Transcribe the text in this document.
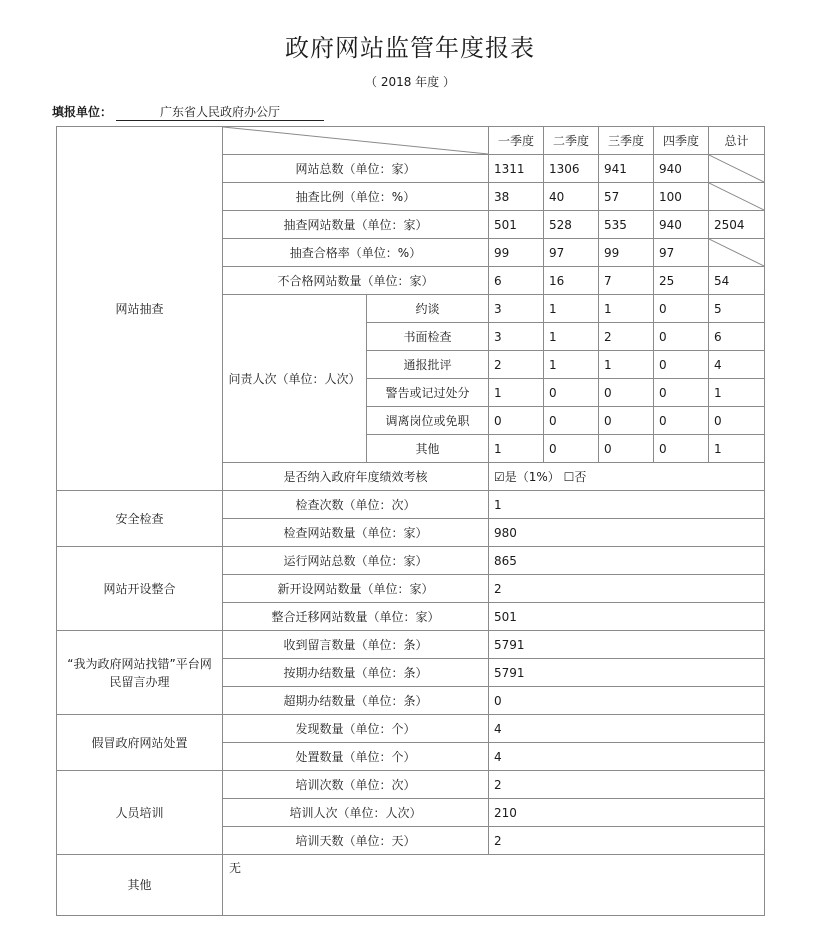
政府网站监管年度报表
（ 2018 年度 ）
填报单位：	广东省人民政府办公厅
网站抽查			一季度	二季度	三季度	四季度	总计
	网站总数（单位：家）		1311	1306	941	940	

	抽查比例（单位：%）		38	40	57	100	

	抽查网站数量（单位：家）		501	528	535	940	2504
	抽查合格率（单位：%）		99	97	99	97	

	不合格网站数量（单位：家）		6	16	7	25	54
	问责人次（单位：人次）	约谈	3	1	1	0	5
		书面检查	3	1	2	0	6
		通报批评	2	1	1	0	4
		警告或记过处分	1	0	0	0	1
		调离岗位或免职	0	0	0	0	0
		其他	1	0	0	0	1
	是否纳入政府年度绩效考核		☑是（1%） ☐否				
安全检查	检查次数（单位：次）		1				
	检查网站数量（单位：家）		980				
网站开设整合	运行网站总数（单位：家）		865				
	新开设网站数量（单位：家）		2				
	整合迁移网站数量（单位：家）		501				
“我为政府网站找错”平台网民留言办理	收到留言数量（单位：条）		5791				
	按期办结数量（单位：条）		5791				
	超期办结数量（单位：条）		0				
假冒政府网站处置	发现数量（单位：个）		4				
	处置数量（单位：个）		4				
人员培训	培训次数（单位：次）		2				
	培训人次（单位：人次）		210				
	培训天数（单位：天）		2				
其他	无						
